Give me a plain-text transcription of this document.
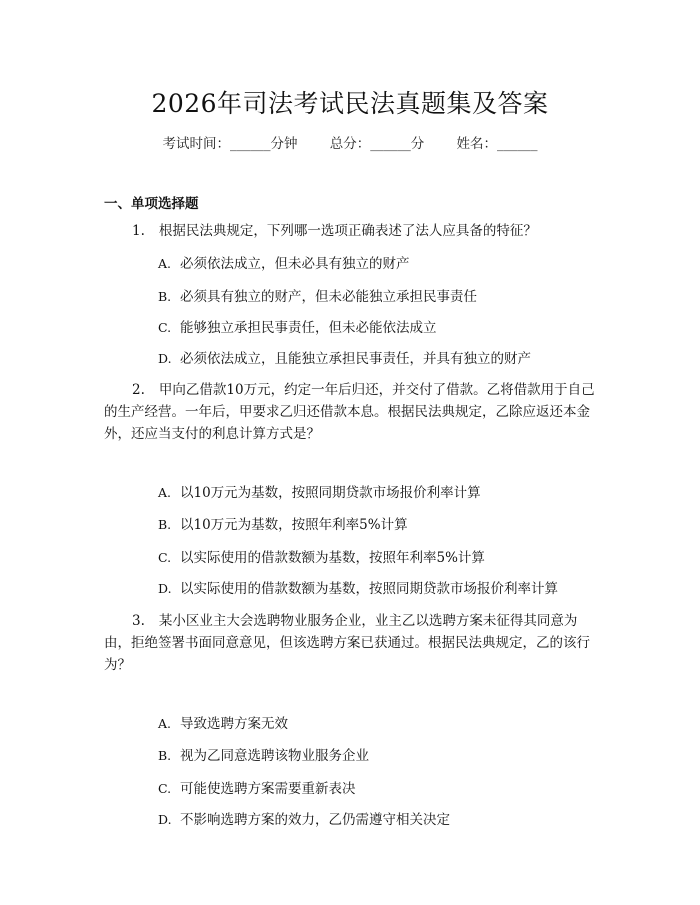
2026年司法考试民法真题集及答案
考试时间：______分钟 总分：______分 姓名：______
一、单项选择题
1. 根据民法典规定，下列哪一选项正确表述了法人应具备的特征？
A. 必须依法成立，但未必具有独立的财产
B. 必须具有独立的财产，但未必能独立承担民事责任
C. 能够独立承担民事责任，但未必能依法成立
D. 必须依法成立，且能独立承担民事责任，并具有独立的财产
2. 甲向乙借款10万元，约定一年后归还，并交付了借款。乙将借款用于自己的生产经营。一年后，甲要求乙归还借款本息。根据民法典规定，乙除应返还本金外，还应当支付的利息计算方式是？
A. 以10万元为基数，按照同期贷款市场报价利率计算
B. 以10万元为基数，按照年利率5%计算
C. 以实际使用的借款数额为基数，按照年利率5%计算
D. 以实际使用的借款数额为基数，按照同期贷款市场报价利率计算
3. 某小区业主大会选聘物业服务企业，业主乙以选聘方案未征得其同意为由，拒绝签署书面同意意见，但该选聘方案已获通过。根据民法典规定，乙的该行为？
A. 导致选聘方案无效
B. 视为乙同意选聘该物业服务企业
C. 可能使选聘方案需要重新表决
D. 不影响选聘方案的效力，乙仍需遵守相关决定
